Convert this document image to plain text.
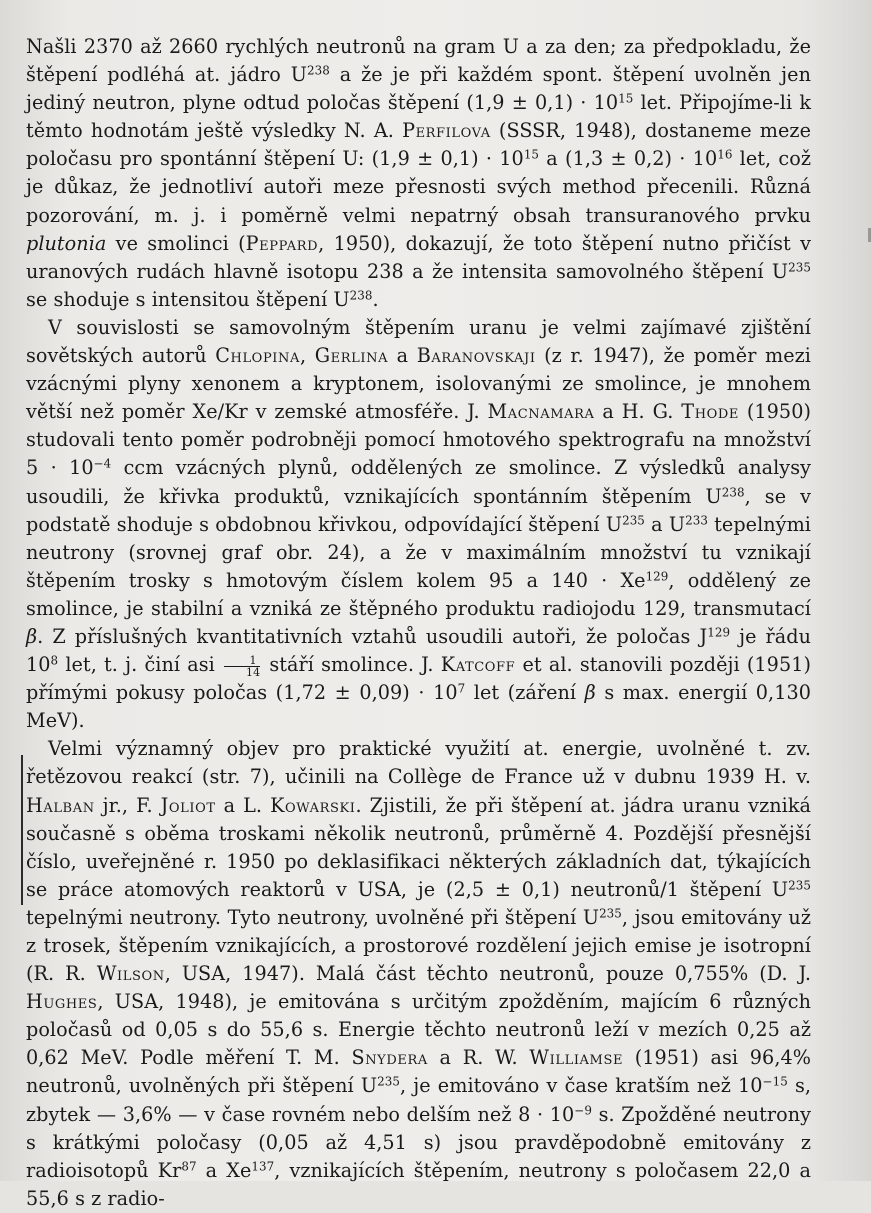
Našli 2370 až 2660 rychlých neutronů na gram U a za den; za předpokladu, že štěpení podléhá at. jádro $U^{238}$ a že je při každém spont. štěpení uvolněn jen jediný neutron, plyne odtud poločas štěpení $(1,9 \pm 0,1) \cdot 10^{15}$ let. Připojíme-li k těmto hodnotám ještě výsledky N. A. Perfilova (SSSR, 1948), dostaneme meze poločasu pro spontánní štěpení U: $(1,9 \pm 0,1) \cdot 10^{15}$ a $(1,3 \pm 0,2) \cdot 10^{16}$ let, což je důkaz, že jednotliví autoři meze přesnosti svých method přecenili. Různá pozorování, m. j. i poměrně velmi nepatrný obsah transuranového prvku plutonia ve smolinci (Peppard, 1950), dokazují, že toto štěpení nutno přičíst v uranových rudách hlavně isotopu 238 a že intensita samovolného štěpení $U^{235}$ se shoduje s intensitou štěpení $U^{238}$.

V souvislosti se samovolným štěpením uranu je velmi zajímavé zjištění sovětských autorů Chlopina, Gerlina a Baranovskaji (z r. 1947), že poměr mezi vzácnými plyny xenonem a kryptonem, isolovanými ze smolince, je mnohem větší než poměr Xe/Kr v zemské atmosféře. J. Macnamara a H. G. Thode (1950) studovali tento poměr podrobněji pomocí hmotového spektrografu na množství $5 \cdot 10^{-4}$ ccm vzácných plynů, oddělených ze smolince. Z výsledků analysy usoudili, že křivka produktů, vznikajících spontánním štěpením $U^{238}$, se v podstatě shoduje s obdobnou křivkou, odpovídající štěpení $U^{235}$ a $U^{233}$ tepelnými neutrony (srovnej graf obr. 24), a že v maximálním množství tu vznikají štěpením trosky s hmotovým číslem kolem 95 a $140 \cdot Xe^{129}$, oddělený ze smolince, je stabilní a vzniká ze štěpného produktu radiojodu 129, transmutací β. Z příslušných kvantitativních vztahů usoudili autoři, že poločas $J^{129}$ je řádu $10^8$ let, t. j. činí asi $\frac{1}{14}$ stáří smolince. J. Katcoff et al. stanovili později (1951) přímými pokusy poločas $(1,72 \pm 0,09) \cdot 10^7$ let (záření β s max. energií 0,130 MeV).

Velmi významný objev pro praktické využití at. energie, uvolněné t. zv. řetězovou reakcí (str. 7), učinili na Collège de France už v dubnu 1939 H. v. Halban jr., F. Joliot a L. Kowarski. Zjistili, že při štěpení at. jádra uranu vzniká současně s oběma troskami několik neutronů, průměrně 4. Pozdější přesnější číslo, uveřejněné r. 1950 po deklasifikaci některých základních dat, týkajících se práce atomových reaktorů v USA, je (2,5 ± 0,1) neutronů/1 štěpení $U^{235}$ tepelnými neutrony. Tyto neutrony, uvolněné při štěpení $U^{235}$, jsou emitovány už z trosek, štěpením vznikajících, a prostorové rozdělení jejich emise je isotropní (R. R. Wilson, USA, 1947). Malá část těchto neutronů, pouze 0,755% (D. J. Hughes, USA, 1948), je emitována s určitým zpožděním, majícím 6 různých poločasů od 0,05 s do 55,6 s. Energie těchto neutronů leží v mezích 0,25 až 0,62 MeV. Podle měření T. M. Snydera a R. W. Williamse (1951) asi 96,4% neutronů, uvolněných při štěpení $U^{235}$, je emitováno v čase kratším než $10^{-15}$ s, zbytek — 3,6% — v čase rovném nebo delším než $8 \cdot 10^{-9}$ s. Zpožděné neutrony s krátkými poločasy (0,05 až 4,51 s) jsou pravděpodobně emitovány z radioisotopů Kr$^{87}$ a Xe$^{137}$, vznikajících štěpením, neutrony s poločasem 22,0 a 55,6 s z radio-
